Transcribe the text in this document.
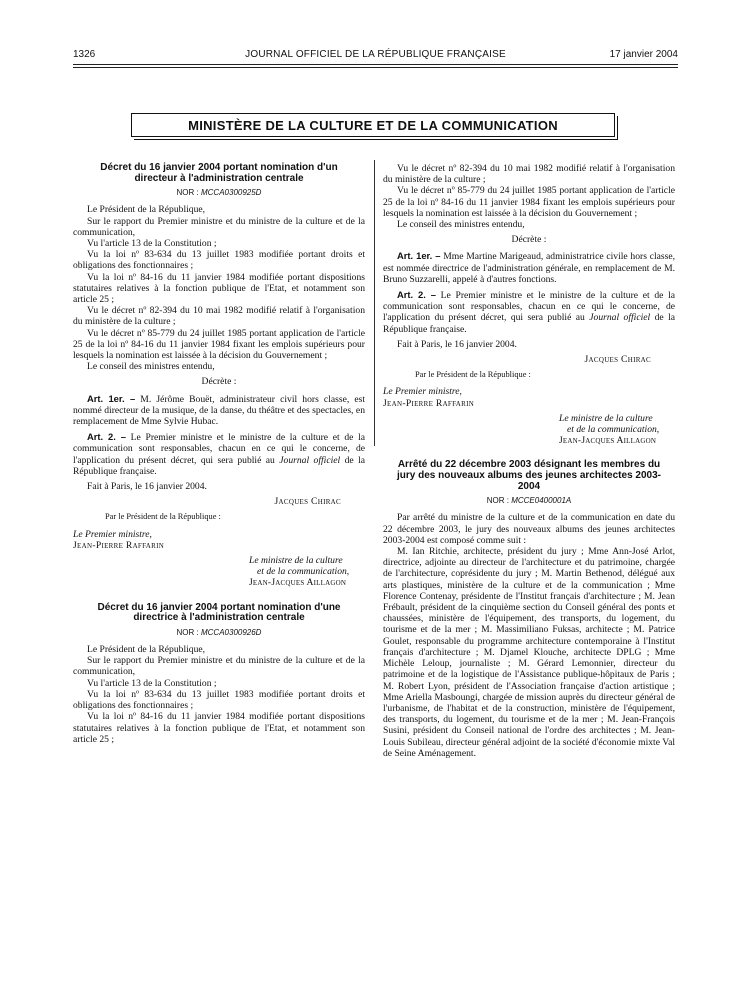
1326	JOURNAL OFFICIEL DE LA RÉPUBLIQUE FRANÇAISE	17 janvier 2004
MINISTÈRE DE LA CULTURE ET DE LA COMMUNICATION
Décret du 16 janvier 2004 portant nomination d'un directeur à l'administration centrale
NOR : MCCA0300925D

Le Président de la République,

Sur le rapport du Premier ministre et du ministre de la culture et de la communication,

Vu l'article 13 de la Constitution ;

Vu la loi nº 83-634 du 13 juillet 1983 modifiée portant droits et obligations des fonctionnaires ;

Vu la loi nº 84-16 du 11 janvier 1984 modifiée portant dispositions statutaires relatives à la fonction publique de l'Etat, et notamment son article 25 ;

Vu le décret nº 82-394 du 10 mai 1982 modifié relatif à l'organisation du ministère de la culture ;

Vu le décret nº 85-779 du 24 juillet 1985 portant application de l'article 25 de la loi nº 84-16 du 11 janvier 1984 fixant les emplois supérieurs pour lesquels la nomination est laissée à la décision du Gouvernement ;

Le conseil des ministres entendu,

Décrète :

Art. 1er. – M. Jérôme Bouët, administrateur civil hors classe, est nommé directeur de la musique, de la danse, du théâtre et des spectacles, en remplacement de Mme Sylvie Hubac.

Art. 2. – Le Premier ministre et le ministre de la culture et de la communication sont responsables, chacun en ce qui le concerne, de l'application du présent décret, qui sera publié au Journal officiel de la République française.

Fait à Paris, le 16 janvier 2004.

Jacques Chirac

Par le Président de la République :

Le Premier ministre,

Jean-Pierre Raffarin

Le ministre de la culture
et de la communication,
Jean-Jacques Aillagon

Décret du 16 janvier 2004 portant nomination d'une directrice à l'administration centrale
NOR : MCCA0300926D

Le Président de la République,

Sur le rapport du Premier ministre et du ministre de la culture et de la communication,

Vu l'article 13 de la Constitution ;

Vu la loi nº 83-634 du 13 juillet 1983 modifiée portant droits et obligations des fonctionnaires ;

Vu la loi nº 84-16 du 11 janvier 1984 modifiée portant dispositions statutaires relatives à la fonction publique de l'Etat, et notamment son article 25 ;

Vu le décret nº 82-394 du 10 mai 1982 modifié relatif à l'organisation du ministère de la culture ;

Vu le décret nº 85-779 du 24 juillet 1985 portant application de l'article 25 de la loi nº 84-16 du 11 janvier 1984 fixant les emplois supérieurs pour lesquels la nomination est laissée à la décision du Gouvernement ;

Le conseil des ministres entendu,

Décrète :

Art. 1er. – Mme Martine Marigeaud, administratrice civile hors classe, est nommée directrice de l'administration générale, en remplacement de M. Bruno Suzzarelli, appelé à d'autres fonctions.

Art. 2. – Le Premier ministre et le ministre de la culture et de la communication sont responsables, chacun en ce qui le concerne, de l'application du présent décret, qui sera publié au Journal officiel de la République française.

Fait à Paris, le 16 janvier 2004.

Jacques Chirac

Par le Président de la République :

Le Premier ministre,

Jean-Pierre Raffarin

Le ministre de la culture
et de la communication,
Jean-Jacques Aillagon

Arrêté du 22 décembre 2003 désignant les membres du jury des nouveaux albums des jeunes architectes 2003-2004
NOR : MCCE0400001A

Par arrêté du ministre de la culture et de la communication en date du 22 décembre 2003, le jury des nouveaux albums des jeunes architectes 2003-2004 est composé comme suit :

M. Ian Ritchie, architecte, président du jury ; Mme Ann-José Arlot, directrice, adjointe au directeur de l'architecture et du patrimoine, chargée de l'architecture, coprésidente du jury ; M. Martin Bethenod, délégué aux arts plastiques, ministère de la culture et de la communication ; Mme Florence Contenay, présidente de l'Institut français d'architecture ; M. Jean Frébault, président de la cinquième section du Conseil général des ponts et chaussées, ministère de l'équipement, des transports, du logement, du tourisme et de la mer ; M. Massimiliano Fuksas, architecte ; M. Patrice Goulet, responsable du programme architecture contemporaine à l'Institut français d'architecture ; M. Djamel Klouche, architecte DPLG ; Mme Michèle Leloup, journaliste ; M. Gérard Lemonnier, directeur du patrimoine et de la logistique de l'Assistance publique-hôpitaux de Paris ; M. Robert Lyon, président de l'Association française d'action artistique ; Mme Ariella Masboungi, chargée de mission auprès du directeur général de l'urbanisme, de l'habitat et de la construction, ministère de l'équipement, des transports, du logement, du tourisme et de la mer ; M. Jean-François Susini, président du Conseil national de l'ordre des architectes ; M. Jean-Louis Subileau, directeur général adjoint de la société d'économie mixte Val de Seine Aménagement.
